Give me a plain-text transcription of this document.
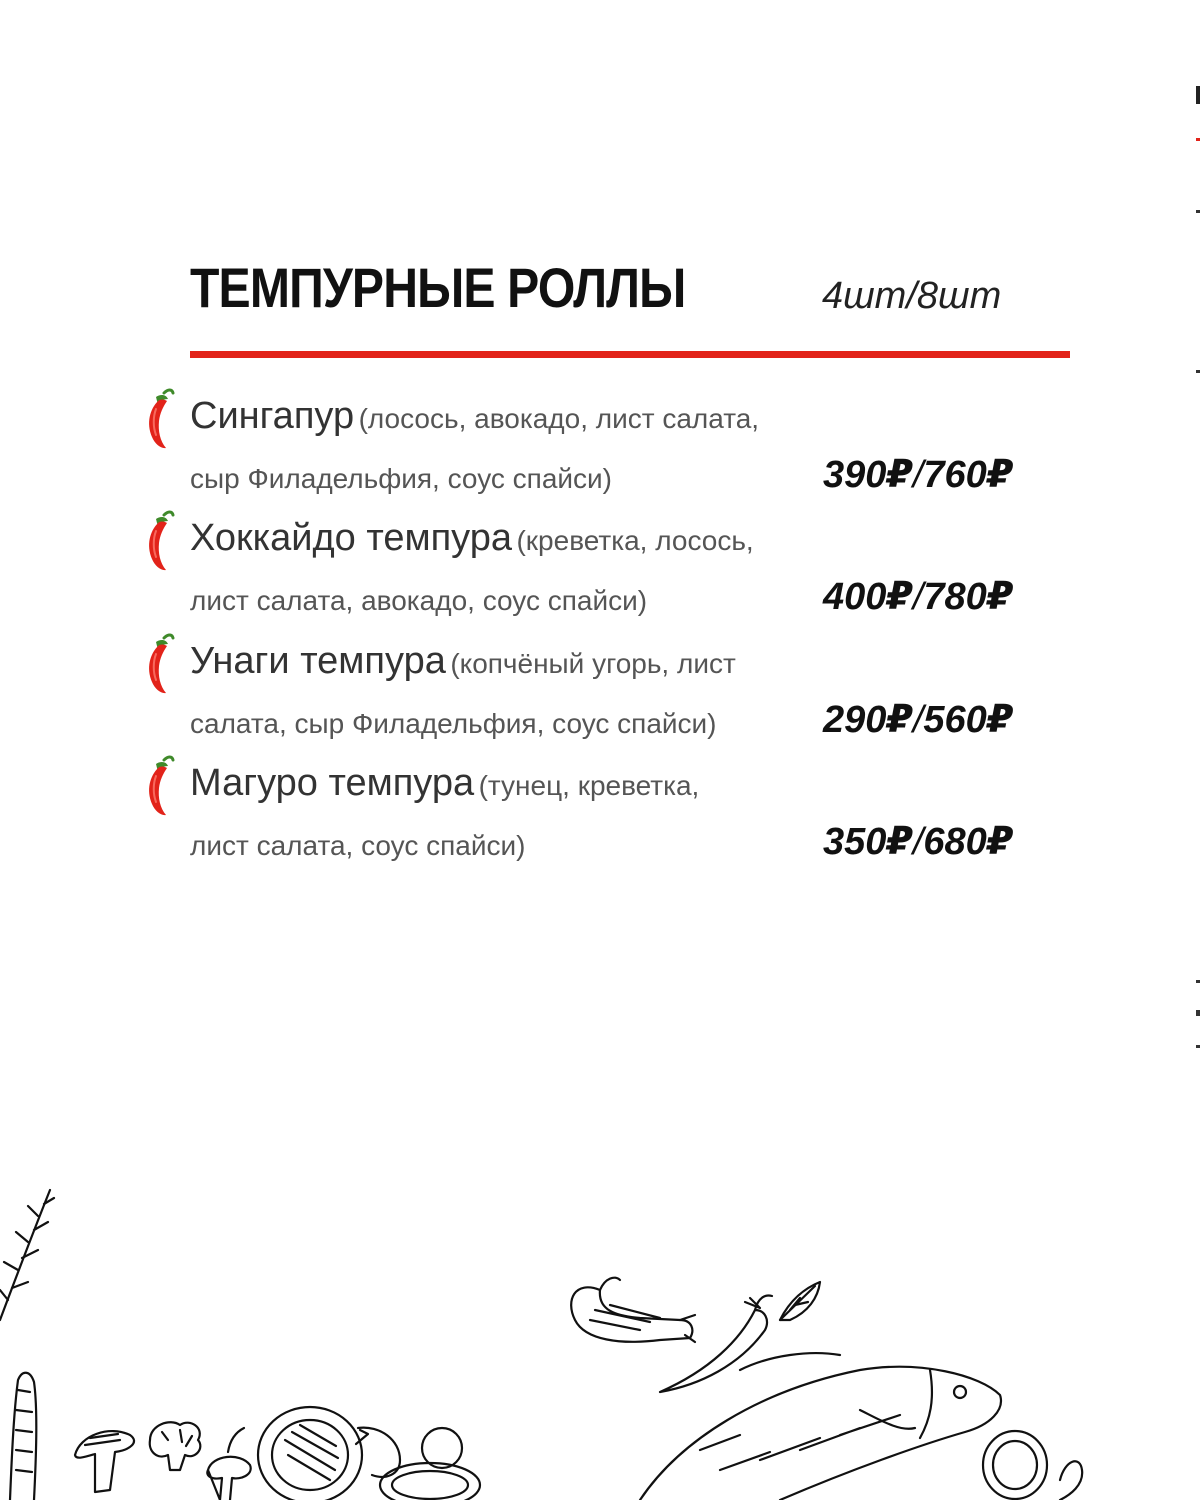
ТЕМПУРНЫЕ РОЛЛЫ	4шт/8шт
Сингапур (лосось, авокадо, лист салата,
сыр Филадельфия, соус спайси)	390₽/760₽
Хоккайдо темпура (креветка, лосось,
лист салата, авокадо, соус спайси)	400₽/780₽
Унаги темпура (копчёный угорь, лист
салата, сыр Филадельфия, соус спайси)	290₽/560₽
Магуро темпура (тунец, креветка,
лист салата, соус спайси)	350₽/680₽
